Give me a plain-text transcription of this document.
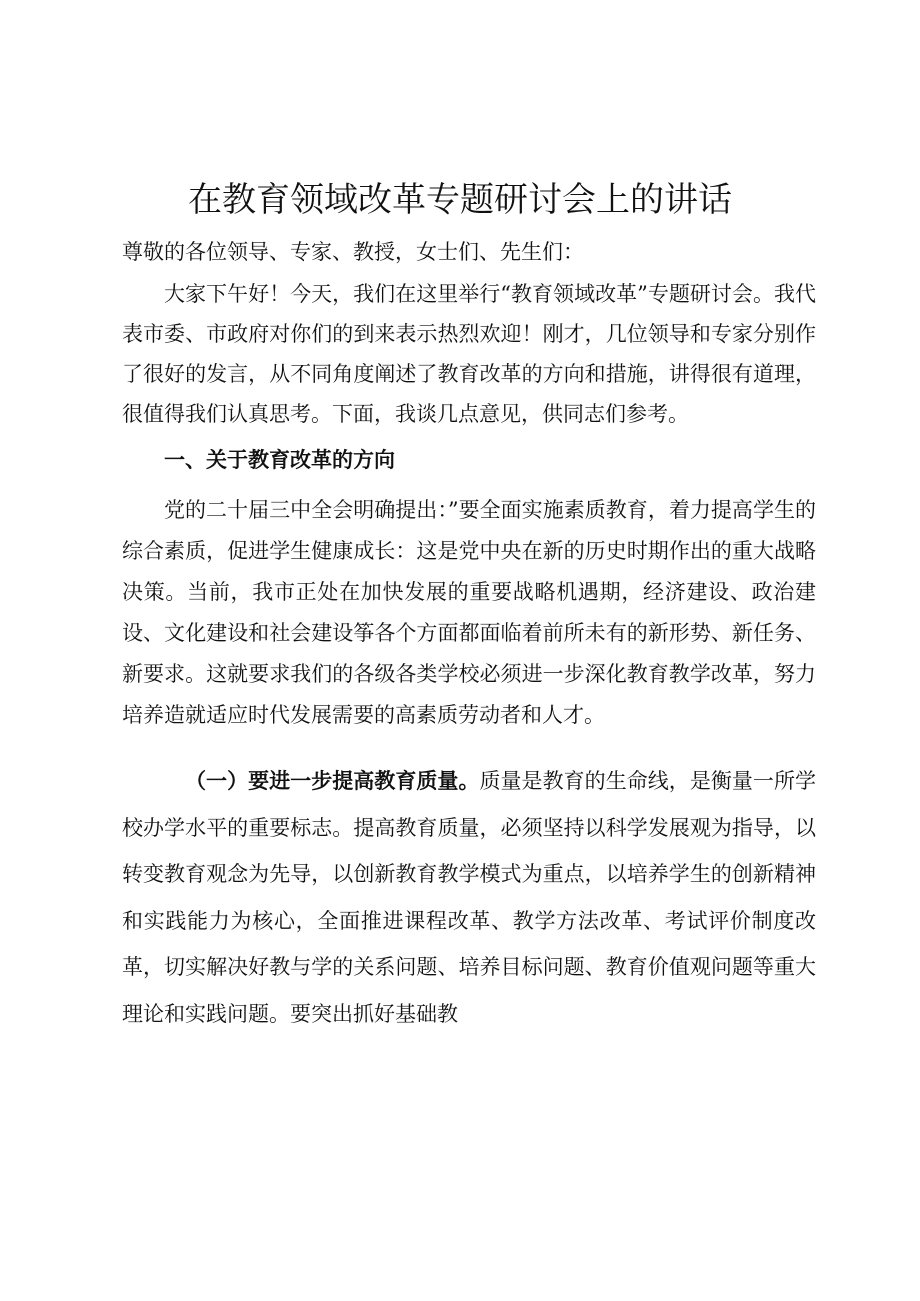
在教育领域改革专题研讨会上的讲话

尊敬的各位领导、专家、教授，女士们、先生们：

大家下午好！今天，我们在这里举行“教育领域改革”专题研讨会。我代表市委、市政府对你们的到来表示热烈欢迎！刚才，几位领导和专家分别作了很好的发言，从不同角度阐述了教育改革的方向和措施，讲得很有道理，很值得我们认真思考。下面，我谈几点意见，供同志们参考。

一、关于教育改革的方向

党的二十届三中全会明确提出：”要全面实施素质教育，着力提高学生的综合素质，促进学生健康成长：这是党中央在新的历史时期作出的重大战略决策。当前，我市正处在加快发展的重要战略机遇期，经济建设、政治建设、文化建设和社会建设筝各个方面都面临着前所未有的新形势、新任务、新要求。这就要求我们的各级各类学校必须进一步深化教育教学改革，努力培养造就适应时代发展需要的高素质劳动者和人才。

（一）要进一步提高教育质量。质量是教育的生命线，是衡量一所学校办学水平的重要标志。提高教育质量，必须坚持以科学发展观为指导，以转变教育观念为先导，以创新教育教学模式为重点，以培养学生的创新精神和实践能力为核心，全面推进课程改革、教学方法改革、考试评价制度改革，切实解决好教与学的关系问题、培养目标问题、教育价值观问题等重大理论和实践问题。要突出抓好基础教
